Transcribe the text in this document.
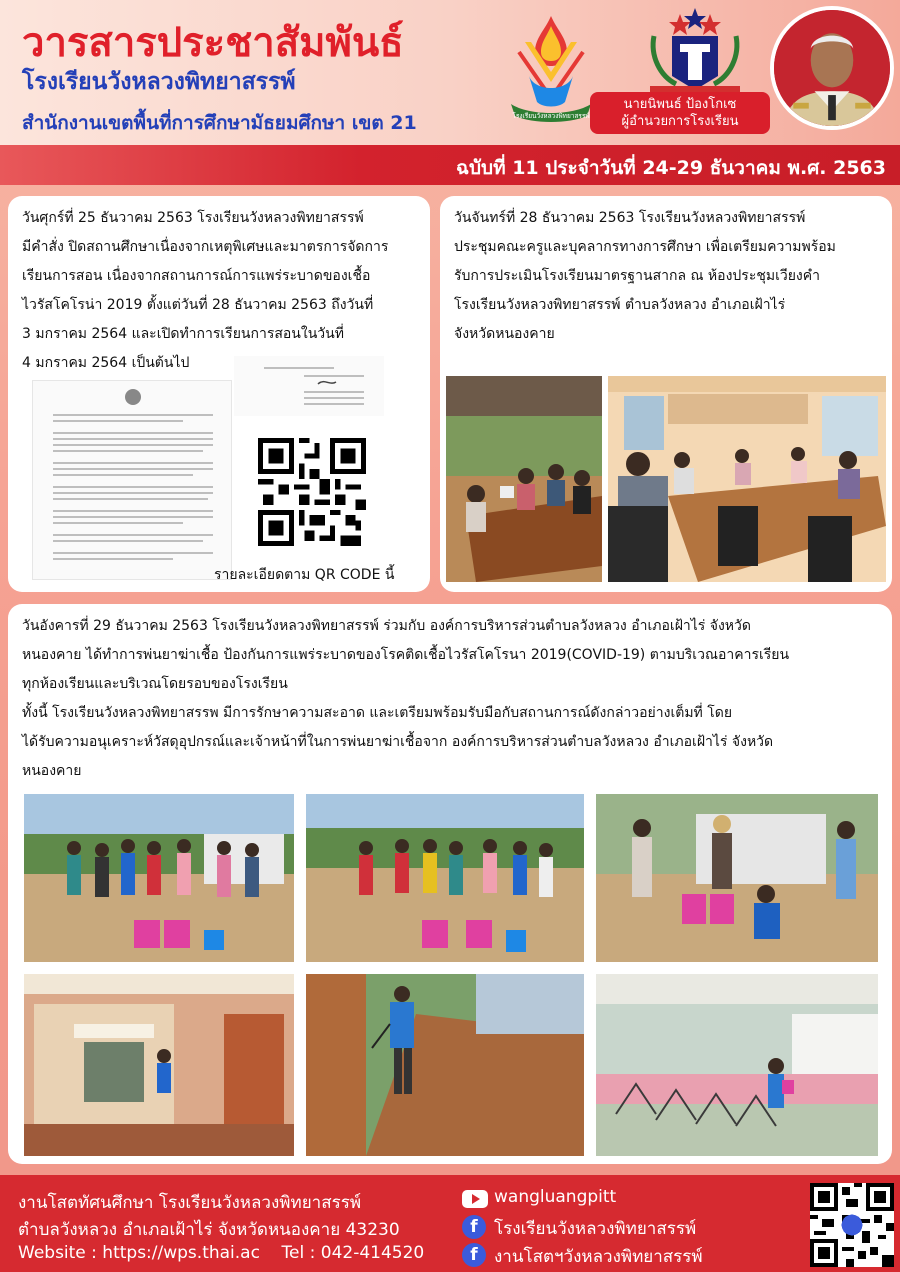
วารสารประชาสัมพันธ์
โรงเรียนวังหลวงพิทยาสรรพ์
สำนักงานเขตพื้นที่การศึกษามัธยมศึกษา เขต 21	โรงเรียนวังหลวงพิทยาสรรพ์
นายนิพนธ์ ป้องโกเซ
ผู้อำนวยการโรงเรียน
ฉบับที่ 11 ประจำวันที่ 24-29 ธันวาคม พ.ศ. 2563

วันศุกร์ที่ 25 ธันวาคม 2563 โรงเรียนวังหลวงพิทยาสรรพ์

มีคำสั่ง ปิดสถานศึกษาเนื่องจากเหตุพิเศษและมาตรการจัดการ

เรียนการสอน เนื่องจากสถานการณ์การแพร่ระบาดของเชื้อ

ไวรัสโคโรน่า 2019 ตั้งแต่วันที่ 28 ธันวาคม 2563 ถึงวันที่

3 มกราคม 2564 และเปิดทำการเรียนการสอนในวันที่

4 มกราคม 2564 เป็นต้นไป

รายละเอียดตาม QR CODE นี้

วันจันทร์ที่ 28 ธันวาคม 2563 โรงเรียนวังหลวงพิทยาสรรพ์

ประชุมคณะครูและบุคลากรทางการศึกษา เพื่อเตรียมความพร้อม

รับการประเมินโรงเรียนมาตรฐานสากล ณ ห้องประชุมเวียงคำ

โรงเรียนวังหลวงพิทยาสรรพ์ ตำบลวังหลวง อำเภอเฝ้าไร่

จังหวัดหนองคาย

วันอังคารที่ 29 ธันวาคม 2563 โรงเรียนวังหลวงพิทยาสรรพ์ ร่วมกับ องค์การบริหารส่วนตำบลวังหลวง อำเภอเฝ้าไร่ จังหวัด

หนองคาย ได้ทำการพ่นยาฆ่าเชื้อ ป้องกันการแพร่ระบาดของโรคติดเชื้อไวรัสโคโรนา 2019(COVID-19) ตามบริเวณอาคารเรียน

ทุกห้องเรียนและบริเวณโดยรอบของโรงเรียน

ทั้งนี้ โรงเรียนวังหลวงพิทยาสรรพ มีการรักษาความสะอาด และเตรียมพร้อมรับมือกับสถานการณ์ดังกล่าวอย่างเต็มที่ โดย

ได้รับความอนุเคราะห์วัสดุอุปกรณ์และเจ้าหน้าที่ในการพ่นยาฆ่าเชื้อจาก องค์การบริหารส่วนตำบลวังหลวง อำเภอเฝ้าไร่ จังหวัด

หนองคาย

งานโสตทัศนศึกษา โรงเรียนวังหลวงพิทยาสรรพ์
ตำบลวังหลวง อำเภอเฝ้าไร่ จังหวัดหนองคาย 43230
Website : https://wps.thai.ac    Tel : 042-414520
wangluangpitt
f โรงเรียนวังหลวงพิทยาสรรพ์
f งานโสตฯวังหลวงพิทยาสรรพ์
